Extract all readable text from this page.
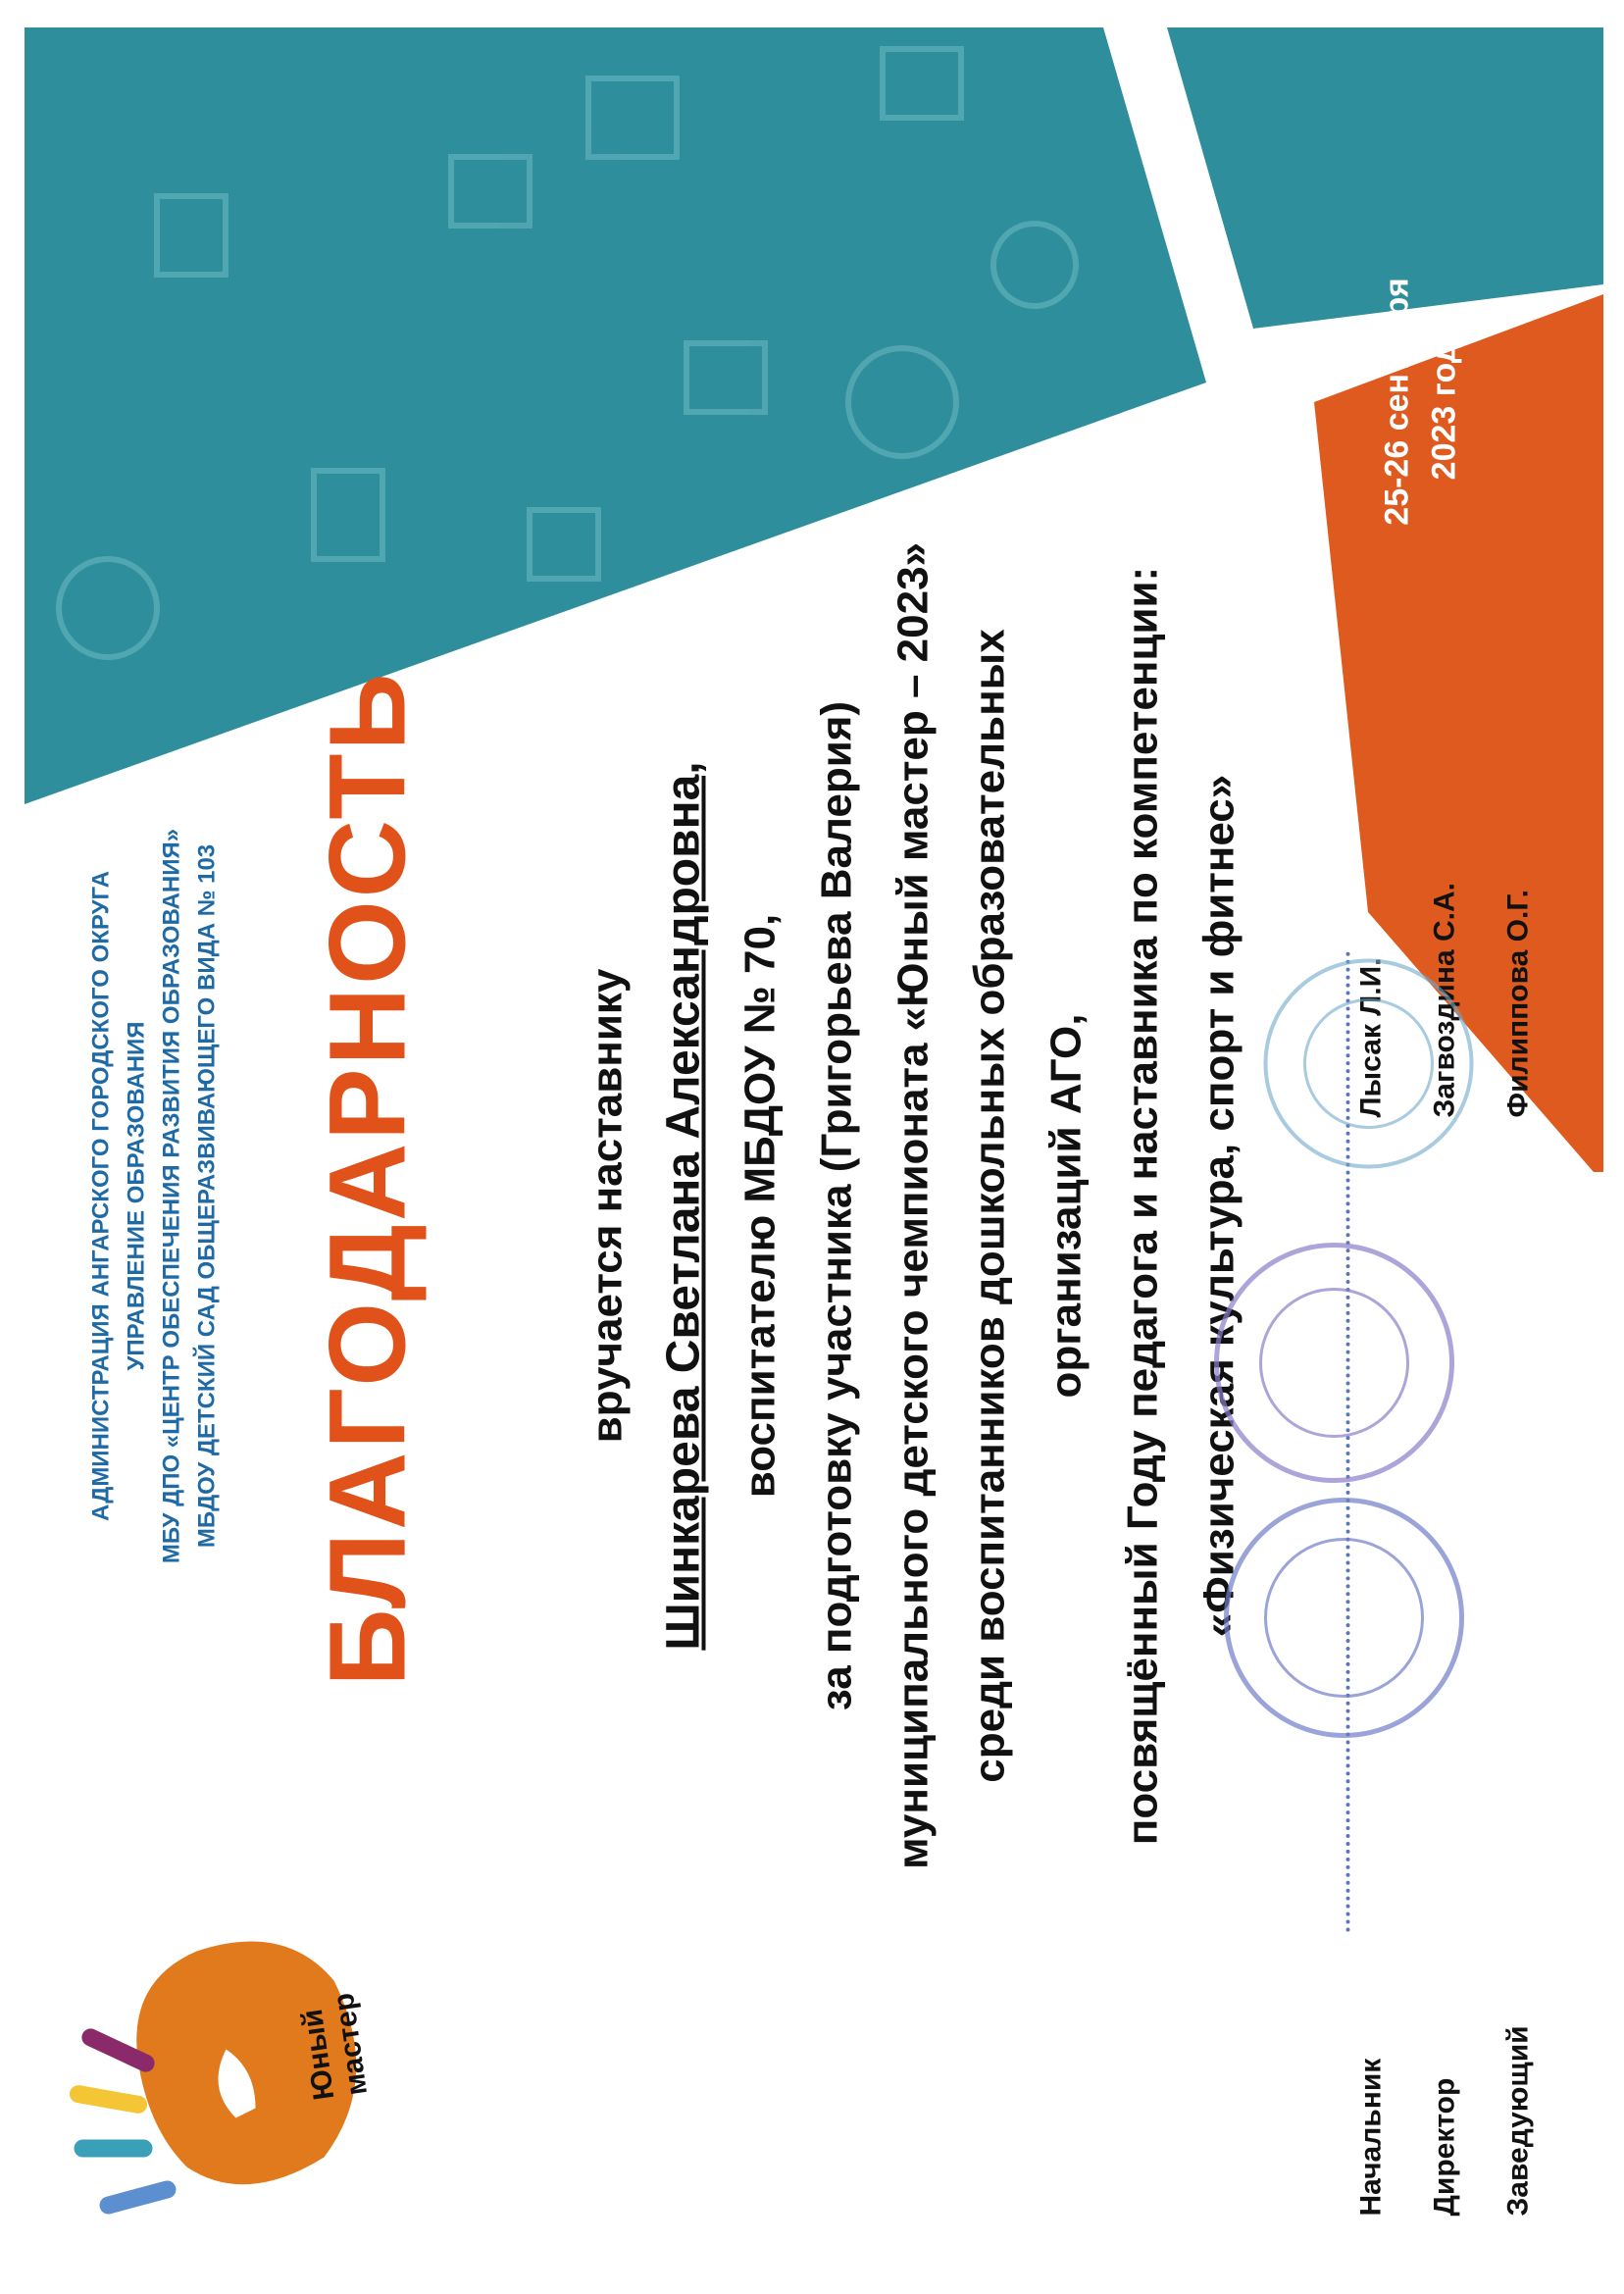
Юный мастер
АДМИНИСТРАЦИЯ АНГАРСКОГО ГОРОДСКОГО ОКРУГА УПРАВЛЕНИЕ ОБРАЗОВАНИЯ МБУ ДПО «ЦЕНТР ОБЕСПЕЧЕНИЯ РАЗВИТИЯ ОБРАЗОВАНИЯ» МБДОУ ДЕТСКИЙ САД ОБЩЕРАЗВИВАЮЩЕГО ВИДА № 103 БЛАГОДАРНОСТЬ	вручается наставнику Шинкарева Светлана Александровна, воспитателю МБДОУ № 70, за подготовку участника (Григорьева Валерия) муниципального детского чемпионата «Юный мастер – 2023» среди воспитанников дошкольных образовательных организаций АГО, посвящённый Году педагога и наставника по компетенции: «Физическая культура, спорт и фитнес»
Начальник	Директор	Заведующий
Лысак Л.И.	Загвоздина С.А.	Филиппова О.Г.
25-26 сентября 2023 года
